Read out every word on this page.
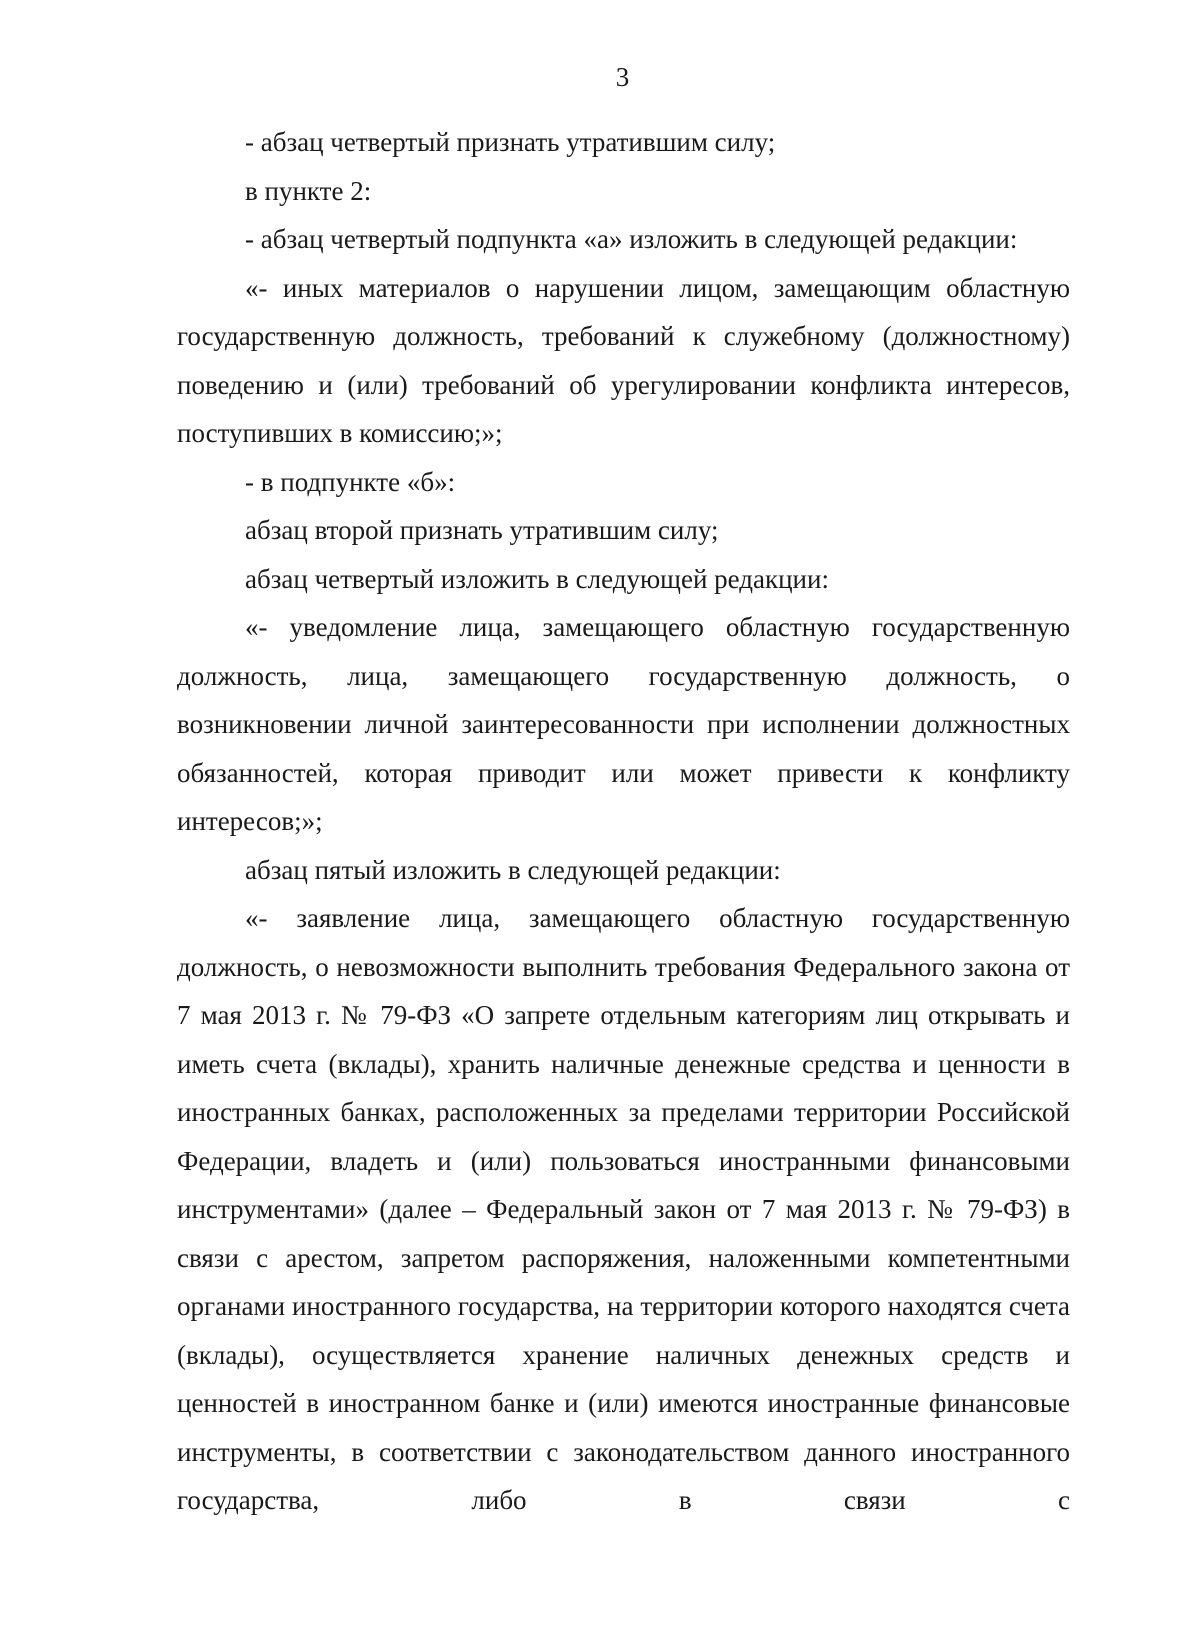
3

- абзац четвертый признать утратившим силу;

в пункте 2:

- абзац четвертый подпункта «а» изложить в следующей редакции:

«- иных материалов о нарушении лицом, замещающим областную государственную должность, требований к служебному (должностному) поведению и (или) требований об урегулировании конфликта интересов, поступивших в комиссию;»;

- в подпункте «б»:

абзац второй признать утратившим силу;

абзац четвертый изложить в следующей редакции:

«- уведомление лица, замещающего областную государственную должность, лица, замещающего государственную должность, о возникновении личной заинтересованности при исполнении должностных обязанностей, которая приводит или может привести к конфликту интересов;»;

абзац пятый изложить в следующей редакции:

«- заявление лица, замещающего областную государственную должность, о невозможности выполнить требования Федерального закона от 7 мая 2013 г. № 79-ФЗ «О запрете отдельным категориям лиц открывать и иметь счета (вклады), хранить наличные денежные средства и ценности в иностранных банках, расположенных за пределами территории Российской Федерации, владеть и (или) пользоваться иностранными финансовыми инструментами» (далее – Федеральный закон от 7 мая 2013 г. № 79-ФЗ) в связи с арестом, запретом распоряжения, наложенными компетентными органами иностранного государства, на территории которого находятся счета (вклады), осуществляется хранение наличных денежных средств и ценностей в иностранном банке и (или) имеются иностранные финансовые инструменты, в соответствии с законодательством данного иностранного государства, либо в связи с
